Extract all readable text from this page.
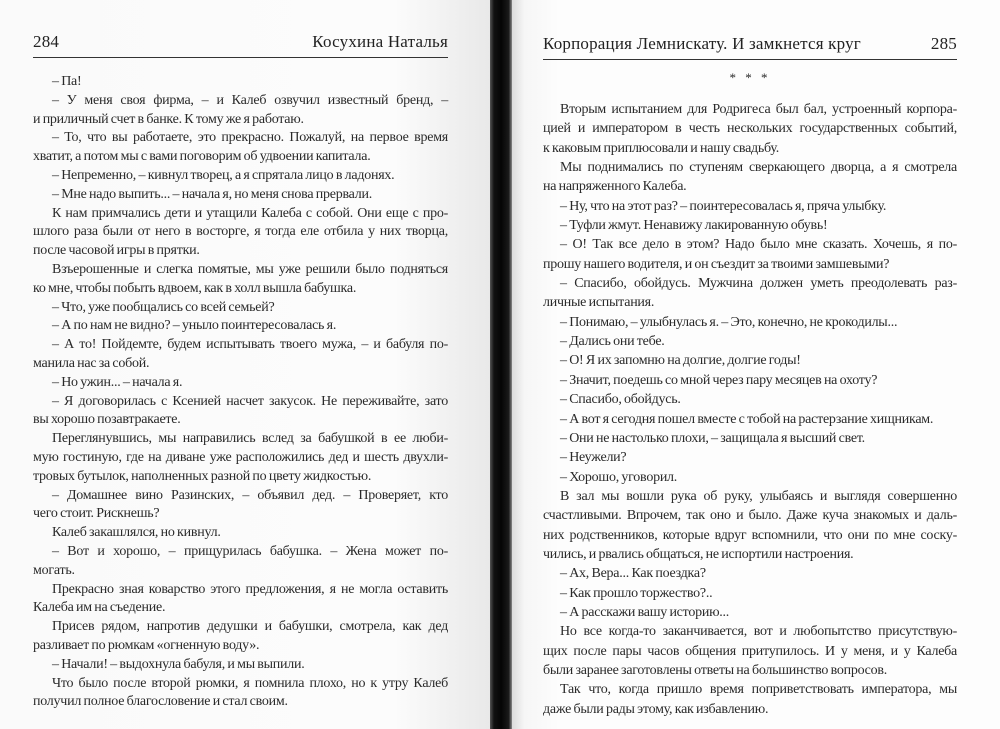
284	Косухина Наталья	Корпорация Лемнискату. И замкнется круг	285
* * *
– Па!
– У меня своя фирма, – и Калеб озвучил известный бренд, –
и приличный счет в банке. К тому же я работаю.
– То, что вы работаете, это прекрасно. Пожалуй, на первое время
хватит, а потом мы с вами поговорим об удвоении капитала.
– Непременно, – кивнул творец, а я спрятала лицо в ладонях.
– Мне надо выпить... – начала я, но меня снова прервали.
К нам примчались дети и утащили Калеба с собой. Они еще с про-
шлого раза были от него в восторге, я тогда еле отбила у них творца,
после часовой игры в прятки.
Взъерошенные и слегка помятые, мы уже решили было подняться
ко мне, чтобы побыть вдвоем, как в холл вышла бабушка.
– Что, уже пообщались со всей семьей?
– А по нам не видно? – уныло поинтересовалась я.
– А то! Пойдемте, будем испытывать твоего мужа, – и бабуля по-
манила нас за собой.
– Но ужин... – начала я.
– Я договорилась с Ксенией насчет закусок. Не переживайте, зато
вы хорошо позавтракаете.
Переглянувшись, мы направились вслед за бабушкой в ее люби-
мую гостиную, где на диване уже расположились дед и шесть двухли-
тровых бутылок, наполненных разной по цвету жидкостью.
– Домашнее вино Разинских, – объявил дед. – Проверяет, кто
чего стоит. Рискнешь?
Калеб закашлялся, но кивнул.
– Вот и хорошо, – прищурилась бабушка. – Жена может по-
могать.
Прекрасно зная коварство этого предложения, я не могла оставить
Калеба им на съедение.
Присев рядом, напротив дедушки и бабушки, смотрела, как дед
разливает по рюмкам «огненную воду».
– Начали! – выдохнула бабуля, и мы выпили.
Что было после второй рюмки, я помнила плохо, но к утру Калеб
получил полное благословение и стал своим.
Вторым испытанием для Родригеса был бал, устроенный корпора-
цией и императором в честь нескольких государственных событий,
к каковым приплюсовали и нашу свадьбу.
Мы поднимались по ступеням сверкающего дворца, а я смотрела
на напряженного Калеба.
– Ну, что на этот раз? – поинтересовалась я, пряча улыбку.
– Туфли жмут. Ненавижу лакированную обувь!
– О! Так все дело в этом? Надо было мне сказать. Хочешь, я по-
прошу нашего водителя, и он съездит за твоими замшевыми?
– Спасибо, обойдусь. Мужчина должен уметь преодолевать раз-
личные испытания.
– Понимаю, – улыбнулась я. – Это, конечно, не крокодилы...
– Дались они тебе.
– О! Я их запомню на долгие, долгие годы!
– Значит, поедешь со мной через пару месяцев на охоту?
– Спасибо, обойдусь.
– А вот я сегодня пошел вместе с тобой на растерзание хищникам.
– Они не настолько плохи, – защищала я высший свет.
– Неужели?
– Хорошо, уговорил.
В зал мы вошли рука об руку, улыбаясь и выглядя совершенно
счастливыми. Впрочем, так оно и было. Даже куча знакомых и даль-
них родственников, которые вдруг вспомнили, что они по мне соску-
чились, и рвались общаться, не испортили настроения.
– Ах, Вера... Как поездка?
– Как прошло торжество?..
– А расскажи вашу историю...
Но все когда-то заканчивается, вот и любопытство присутствую-
щих после пары часов общения притупилось. И у меня, и у Калеба
были заранее заготовлены ответы на большинство вопросов.
Так что, когда пришло время поприветствовать императора, мы
даже были рады этому, как избавлению.
